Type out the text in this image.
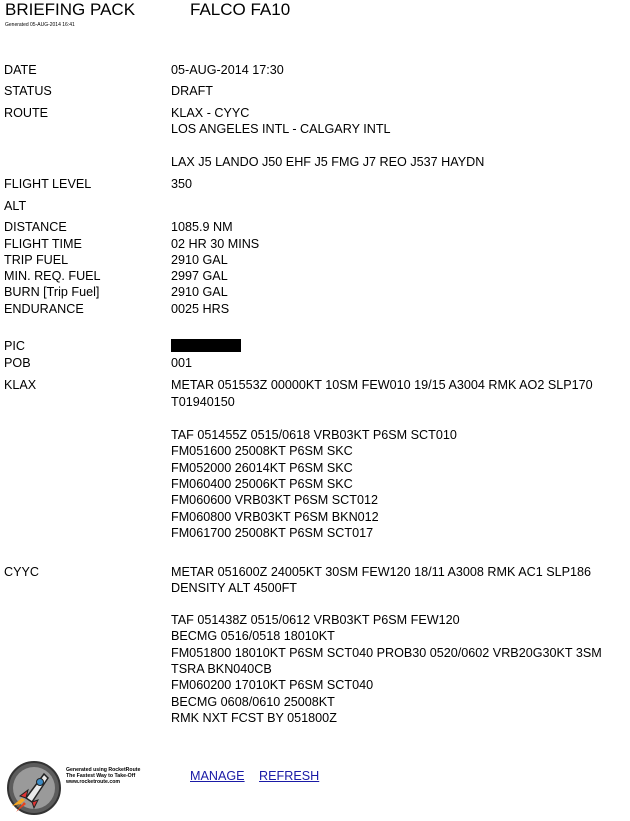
BRIEFING PACK	FALCO FA10
Generated 05-AUG-2014 16:41
DATE	05-AUG-2014 17:30
STATUS	DRAFT
ROUTE	KLAX - CYYC
LOS ANGELES INTL - CALGARY INTL
LAX J5 LANDO J50 EHF J5 FMG J7 REO J537 HAYDN
FLIGHT LEVEL	350
ALT
DISTANCE	1085.9 NM
FLIGHT TIME	02 HR 30 MINS
TRIP FUEL	2910 GAL
MIN. REQ. FUEL	2997 GAL
BURN [Trip Fuel]	2910 GAL
ENDURANCE	0025 HRS
PIC
POB	001
KLAX	METAR 051553Z 00000KT 10SM FEW010 19/15 A3004 RMK AO2 SLP170
T01940150
TAF 051455Z 0515/0618 VRB03KT P6SM SCT010
FM051600 25008KT P6SM SKC
FM052000 26014KT P6SM SKC
FM060400 25006KT P6SM SKC
FM060600 VRB03KT P6SM SCT012
FM060800 VRB03KT P6SM BKN012
FM061700 25008KT P6SM SCT017
CYYC	METAR 051600Z 24005KT 30SM FEW120 18/11 A3008 RMK AC1 SLP186
DENSITY ALT 4500FT
TAF 051438Z 0515/0612 VRB03KT P6SM FEW120
BECMG 0516/0518 18010KT
FM051800 18010KT P6SM SCT040 PROB30 0520/0602 VRB20G30KT 3SM
TSRA BKN040CB
FM060200 17010KT P6SM SCT040
BECMG 0608/0610 25008KT
RMK NXT FCST BY 051800Z
Generated using RocketRoute
The Fastest Way to Take-Off
www.rocketroute.com	MANAGE REFRESH
